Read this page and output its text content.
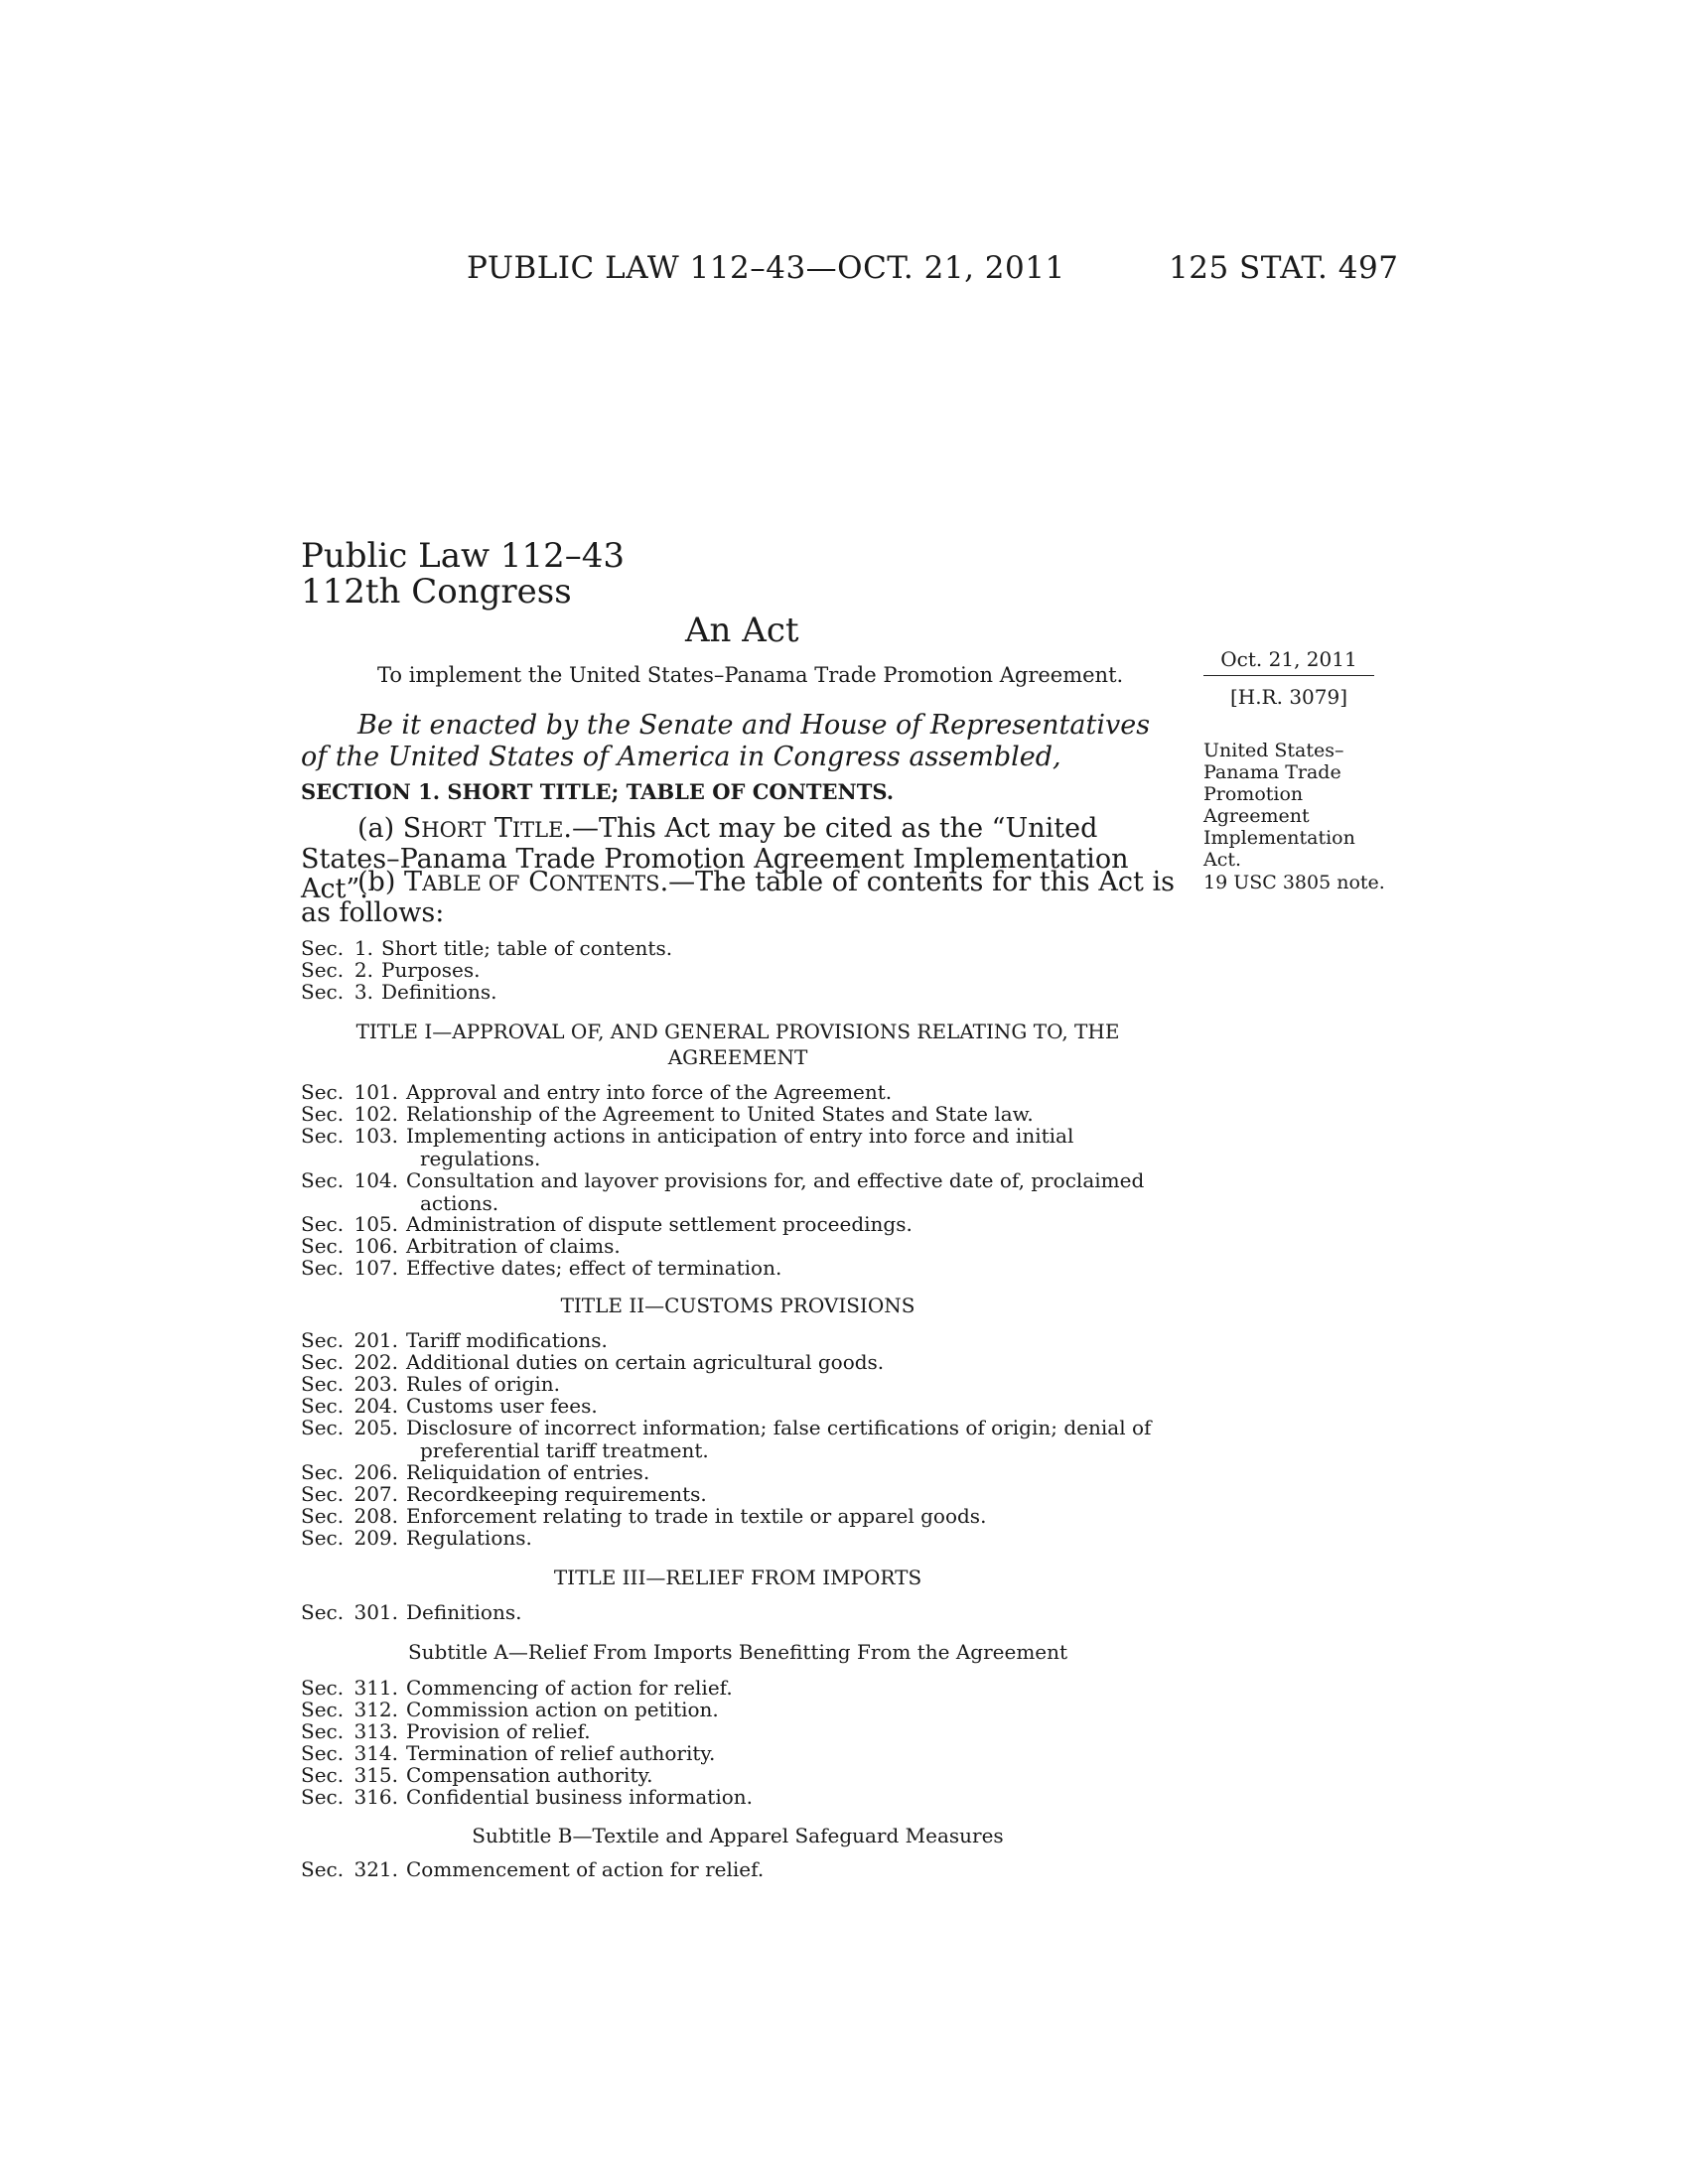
PUBLIC LAW 112–43—OCT. 21, 2011	125 STAT. 497
Public Law 112–43
112th Congress
An Act
To implement the United States–Panama Trade Promotion Agreement.
Oct. 21, 2011
[H.R. 3079]
Be it enacted by the Senate and House of Representatives of the United States of America in Congress assembled,
SECTION 1. SHORT TITLE; TABLE OF CONTENTS.
(a) SHORT TITLE.—This Act may be cited as the “United States–Panama Trade Promotion Agreement Implementation Act”.
(b) TABLE OF CONTENTS.—The table of contents for this Act is as follows:
United States– Panama Trade Promotion Agreement Implementation Act.
19 USC 3805 note.
Sec. 1. Short title; table of contents.
Sec. 2. Purposes.
Sec. 3. Definitions.
TITLE I—APPROVAL OF, AND GENERAL PROVISIONS RELATING TO, THE
AGREEMENT
Sec. 101. Approval and entry into force of the Agreement.
Sec. 102. Relationship of the Agreement to United States and State law.
Sec. 103. Implementing actions in anticipation of entry into force and initial regulations.
Sec. 104. Consultation and layover provisions for, and effective date of, proclaimed actions.
Sec. 105. Administration of dispute settlement proceedings.
Sec. 106. Arbitration of claims.
Sec. 107. Effective dates; effect of termination.
TITLE II—CUSTOMS PROVISIONS
Sec. 201. Tariff modifications.
Sec. 202. Additional duties on certain agricultural goods.
Sec. 203. Rules of origin.
Sec. 204. Customs user fees.
Sec. 205. Disclosure of incorrect information; false certifications of origin; denial of preferential tariff treatment.
Sec. 206. Reliquidation of entries.
Sec. 207. Recordkeeping requirements.
Sec. 208. Enforcement relating to trade in textile or apparel goods.
Sec. 209. Regulations.
TITLE III—RELIEF FROM IMPORTS
Sec. 301. Definitions.
Subtitle A—Relief From Imports Benefitting From the Agreement
Sec. 311. Commencing of action for relief.
Sec. 312. Commission action on petition.
Sec. 313. Provision of relief.
Sec. 314. Termination of relief authority.
Sec. 315. Compensation authority.
Sec. 316. Confidential business information.
Subtitle B—Textile and Apparel Safeguard Measures
Sec. 321. Commencement of action for relief.
